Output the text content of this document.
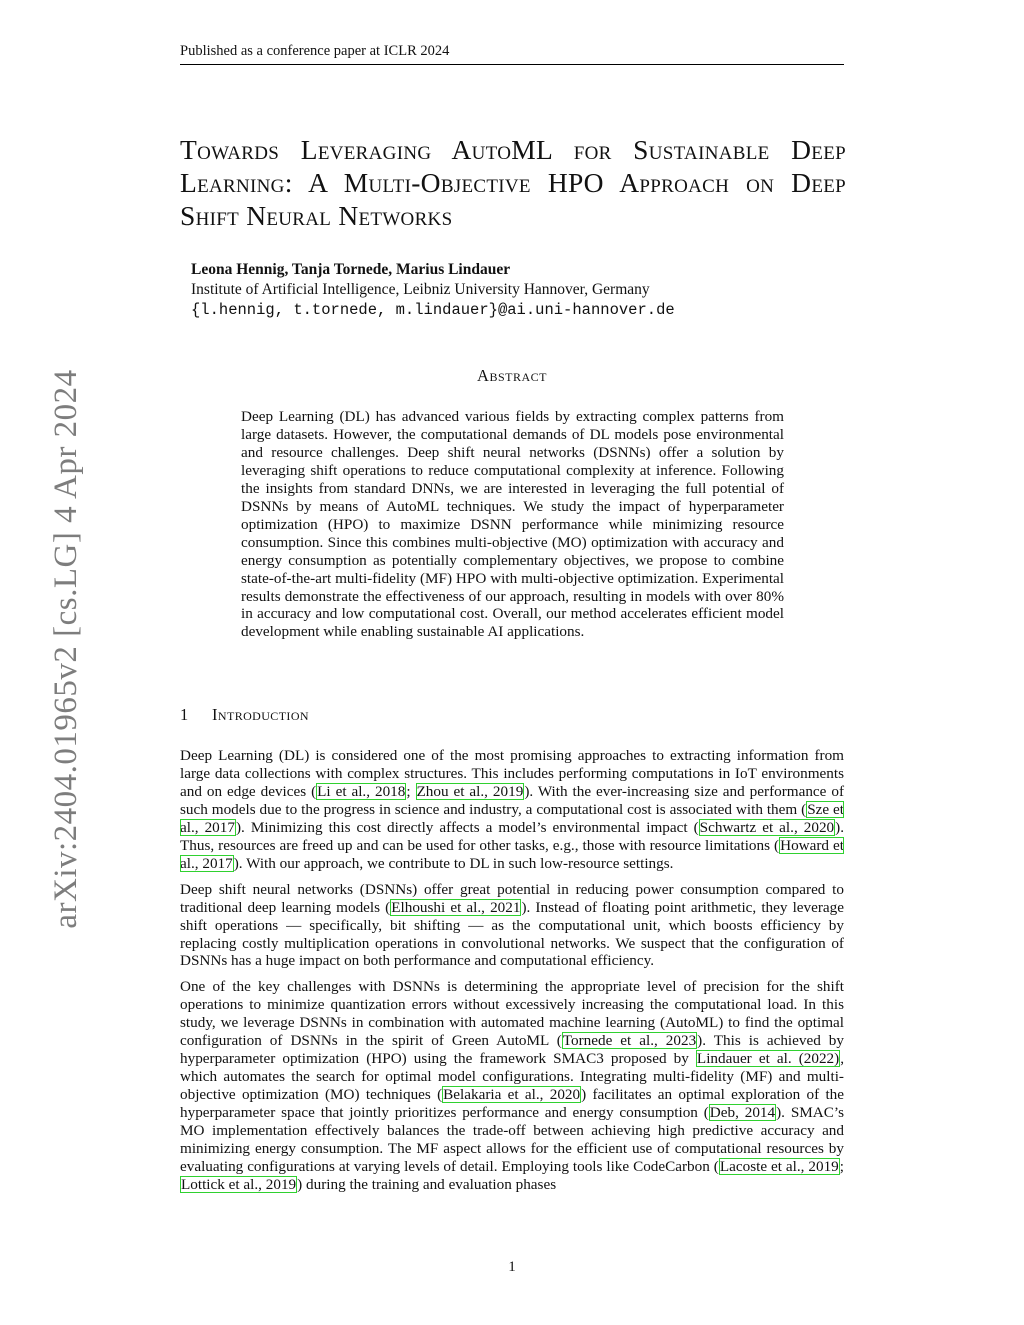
Published as a conference paper at ICLR 2024
Towards Leveraging AutoML for Sustainable Deep Learning: A Multi-Objective HPO Approach on Deep Shift Neural Networks
Leona Hennig, Tanja Tornede, Marius Lindauer
Institute of Artificial Intelligence, Leibniz University Hannover, Germany
{l.hennig, t.tornede, m.lindauer}@ai.uni-hannover.de
Abstract

Deep Learning (DL) has advanced various fields by extracting complex patterns from large datasets. However, the computational demands of DL models pose environmental and resource challenges. Deep shift neural networks (DSNNs) offer a solution by leveraging shift operations to reduce computational complexity at inference. Following the insights from standard DNNs, we are interested in leveraging the full potential of DSNNs by means of AutoML techniques. We study the impact of hyperparameter optimization (HPO) to maximize DSNN performance while minimizing resource consumption. Since this combines multi-objective (MO) optimization with accuracy and energy consumption as potentially complementary objectives, we propose to combine state-of-the-art multi-fidelity (MF) HPO with multi-objective optimization. Experimental results demonstrate the effectiveness of our approach, resulting in models with over 80% in accuracy and low computational cost. Overall, our method accelerates efficient model development while enabling sustainable AI applications.

1 Introduction

Deep Learning (DL) is considered one of the most promising approaches to extracting information from large data collections with complex structures. This includes performing computations in IoT environments and on edge devices (Li et al., 2018; Zhou et al., 2019). With the ever-increasing size and performance of such models due to the progress in science and industry, a computational cost is associated with them (Sze et al., 2017). Minimizing this cost directly affects a model’s environmental impact (Schwartz et al., 2020). Thus, resources are freed up and can be used for other tasks, e.g., those with resource limitations (Howard et al., 2017). With our approach, we contribute to DL in such low-resource settings.

Deep shift neural networks (DSNNs) offer great potential in reducing power consumption compared to traditional deep learning models (Elhoushi et al., 2021). Instead of floating point arithmetic, they leverage shift operations — specifically, bit shifting — as the computational unit, which boosts efficiency by replacing costly multiplication operations in convolutional networks. We suspect that the configuration of DSNNs has a huge impact on both performance and computational efficiency.

One of the key challenges with DSNNs is determining the appropriate level of precision for the shift operations to minimize quantization errors without excessively increasing the computational load. In this study, we leverage DSNNs in combination with automated machine learning (AutoML) to find the optimal configuration of DSNNs in the spirit of Green AutoML (Tornede et al., 2023). This is achieved by hyperparameter optimization (HPO) using the framework SMAC3 proposed by Lindauer et al. (2022), which automates the search for optimal model configurations. Integrating multi-fidelity (MF) and multi-objective optimization (MO) techniques (Belakaria et al., 2020) facilitates an optimal exploration of the hyperparameter space that jointly prioritizes performance and energy consumption (Deb, 2014). SMAC’s MO implementation effectively balances the trade-off between achieving high predictive accuracy and minimizing energy consumption. The MF aspect allows for the efficient use of computational resources by evaluating configurations at varying levels of detail. Employing tools like CodeCarbon (Lacoste et al., 2019; Lottick et al., 2019) during the training and evaluation phases

1
arXiv:2404.01965v2 [cs.LG] 4 Apr 2024
